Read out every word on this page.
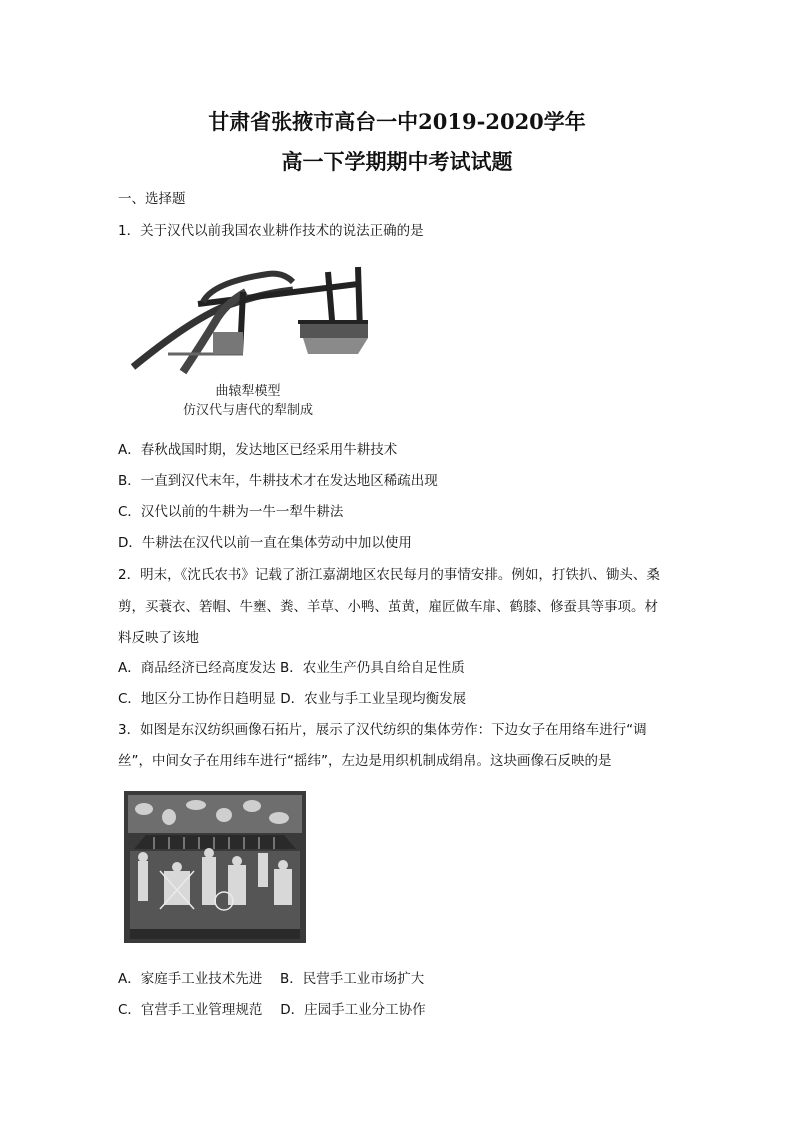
甘肃省张掖市高台一中2019-2020学年
高一下学期期中考试试题
一、选择题
1．关于汉代以前我国农业耕作技术的说法正确的是
曲辕犁模型
仿汉代与唐代的犁制成
A．春秋战国时期，发达地区已经采用牛耕技术
B．一直到汉代末年，牛耕技术才在发达地区稀疏出现
C．汉代以前的牛耕为一牛一犁牛耕法
D．牛耕法在汉代以前一直在集体劳动中加以使用
2．明末，《沈氏农书》记载了浙江嘉湖地区农民每月的事情安排。例如，打铁扒、锄头、桑
剪，买蓑衣、箬帽、牛壅、粪、羊草、小鸭、茧黄，雇匠做车扉、鹤膝、修蚕具等事项。材
料反映了该地
A．商品经济已经高度发达 B．农业生产仍具自给自足性质
C．地区分工协作日趋明显 D．农业与手工业呈现均衡发展
3．如图是东汉纺织画像石拓片，展示了汉代纺织的集体劳作：下边女子在用络车进行“调
丝”，中间女子在用纬车进行“摇纬”，左边是用织机制成绢帛。这块画像石反映的是
A．家庭手工业技术先进　 B．民营手工业市场扩大
C．官营手工业管理规范　 D．庄园手工业分工协作
